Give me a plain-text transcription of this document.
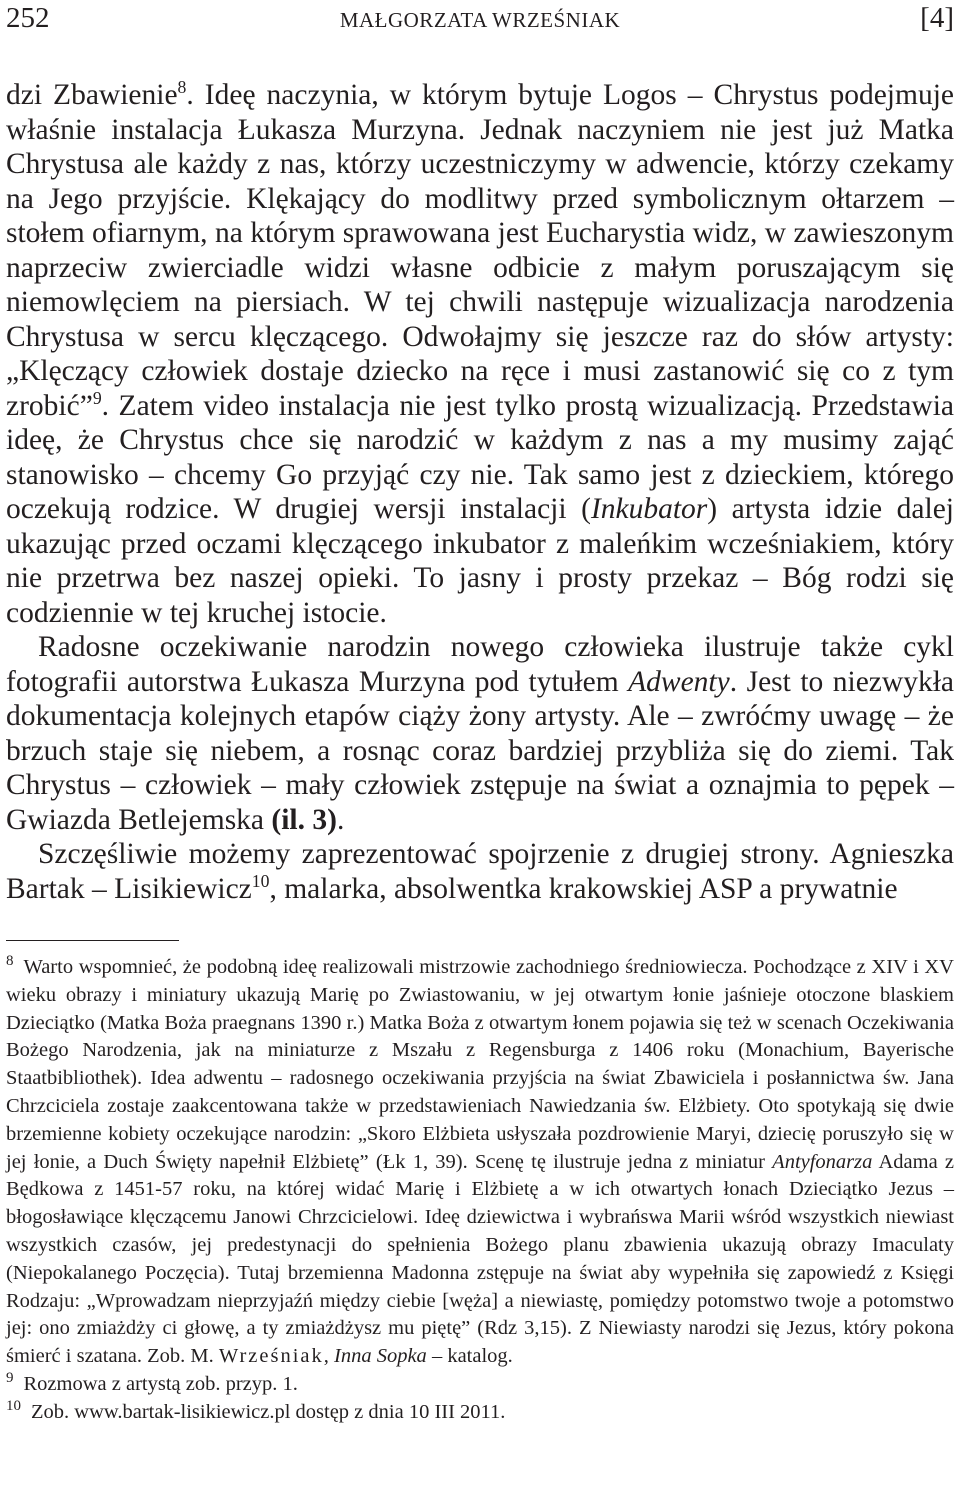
252	MAŁGORZATA WRZEŚNIAK	[4]

dzi Zbawienie$^8$. Ideę naczynia, w którym bytuje Logos – Chrystus podejmuje właśnie instalacja Łukasza Murzyna. Jednak naczyniem nie jest już Matka Chrystusa ale każdy z nas, którzy uczestniczymy w adwencie, którzy czekamy na Jego przyjście. Klękający do modlitwy przed symbolicznym ołtarzem – stołem ofiarnym, na którym sprawowana jest Eucharystia widz, w zawieszonym naprzeciw zwierciadle widzi własne odbicie z małym poruszającym się niemowlęciem na piersiach. W tej chwili następuje wizualizacja narodzenia Chrystusa w sercu klęczącego. Odwołajmy się jeszcze raz do słów artysty: „Klęczący człowiek dostaje dziecko na ręce i musi zastanowić się co z tym zrobić”$^9$. Zatem video instalacja nie jest tylko prostą wizualizacją. Przedstawia ideę, że Chrystus chce się narodzić w każdym z nas a my musimy zająć stanowisko – chcemy Go przyjąć czy nie. Tak samo jest z dzieckiem, którego oczekują rodzice. W drugiej wersji instalacji (Inkubator) artysta idzie dalej ukazując przed oczami klęczącego inkubator z maleńkim wcześniakiem, który nie przetrwa bez naszej opieki. To jasny i prosty przekaz – Bóg rodzi się codziennie w tej kruchej istocie.

Radosne oczekiwanie narodzin nowego człowieka ilustruje także cykl fotografii autorstwa Łukasza Murzyna pod tytułem Adwenty. Jest to niezwykła dokumentacja kolejnych etapów ciąży żony artysty. Ale – zwróćmy uwagę – że brzuch staje się niebem, a rosnąc coraz bardziej przybliża się do ziemi. Tak Chrystus – człowiek – mały człowiek zstępuje na świat a oznajmia to pępek – Gwiazda Betlejemska (il. 3).

Szczęśliwie możemy zaprezentować spojrzenie z drugiej strony. Agnieszka Bartak – Lisikiewicz$^{10}$, malarka, absolwentka krakowskiej ASP a prywatnie

$^8$ Warto wspomnieć, że podobną ideę realizowali mistrzowie zachodniego średniowiecza. Pochodzące z XIV i XV wieku obrazy i miniatury ukazują Marię po Zwiastowaniu, w jej otwartym łonie jaśnieje otoczone blaskiem Dzieciątko (Matka Boża praegnans 1390 r.) Matka Boża z otwartym łonem pojawia się też w scenach Oczekiwania Bożego Narodzenia, jak na miniaturze z Mszału z Regensburga z 1406 roku (Monachium, Bayerische Staatbibliothek). Idea adwentu – radosnego oczekiwania przyjścia na świat Zbawiciela i posłannictwa św. Jana Chrzciciela zostaje zaakcentowana także w przedstawieniach Nawiedzania św. Elżbiety. Oto spotykają się dwie brzemienne kobiety oczekujące narodzin: „Skoro Elżbieta usłyszała pozdrowienie Maryi, dziecię poruszyło się w jej łonie, a Duch Święty napełnił Elżbietę” (Łk 1, 39). Scenę tę ilustruje jedna z miniatur Antyfonarza Adama z Będkowa z 1451-57 roku, na której widać Marię i Elżbietę a w ich otwartych łonach Dzieciątko Jezus – błogosławiące klęczącemu Janowi Chrzcicielowi. Ideę dziewictwa i wybrańswa Marii wśród wszystkich niewiast wszystkich czasów, jej predestynacji do spełnienia Bożego planu zbawienia ukazują obrazy Imaculaty (Niepokalanego Poczęcia). Tutaj brzemienna Madonna zstępuje na świat aby wypełniła się zapowiedź z Księgi Rodzaju: „Wprowadzam nieprzyjaźń między ciebie [węża] a niewiastę, pomiędzy potomstwo twoje a potomstwo jej: ono zmiażdży ci głowę, a ty zmiażdżysz mu piętę” (Rdz 3,15). Z Niewiasty narodzi się Jezus, który pokona śmierć i szatana. Zob. M. Wrześniak, Inna Sopka – katalog.

$^9$ Rozmowa z artystą zob. przyp. 1.

$^{10}$ Zob. www.bartak-lisikiewicz.pl dostęp z dnia 10 III 2011.
